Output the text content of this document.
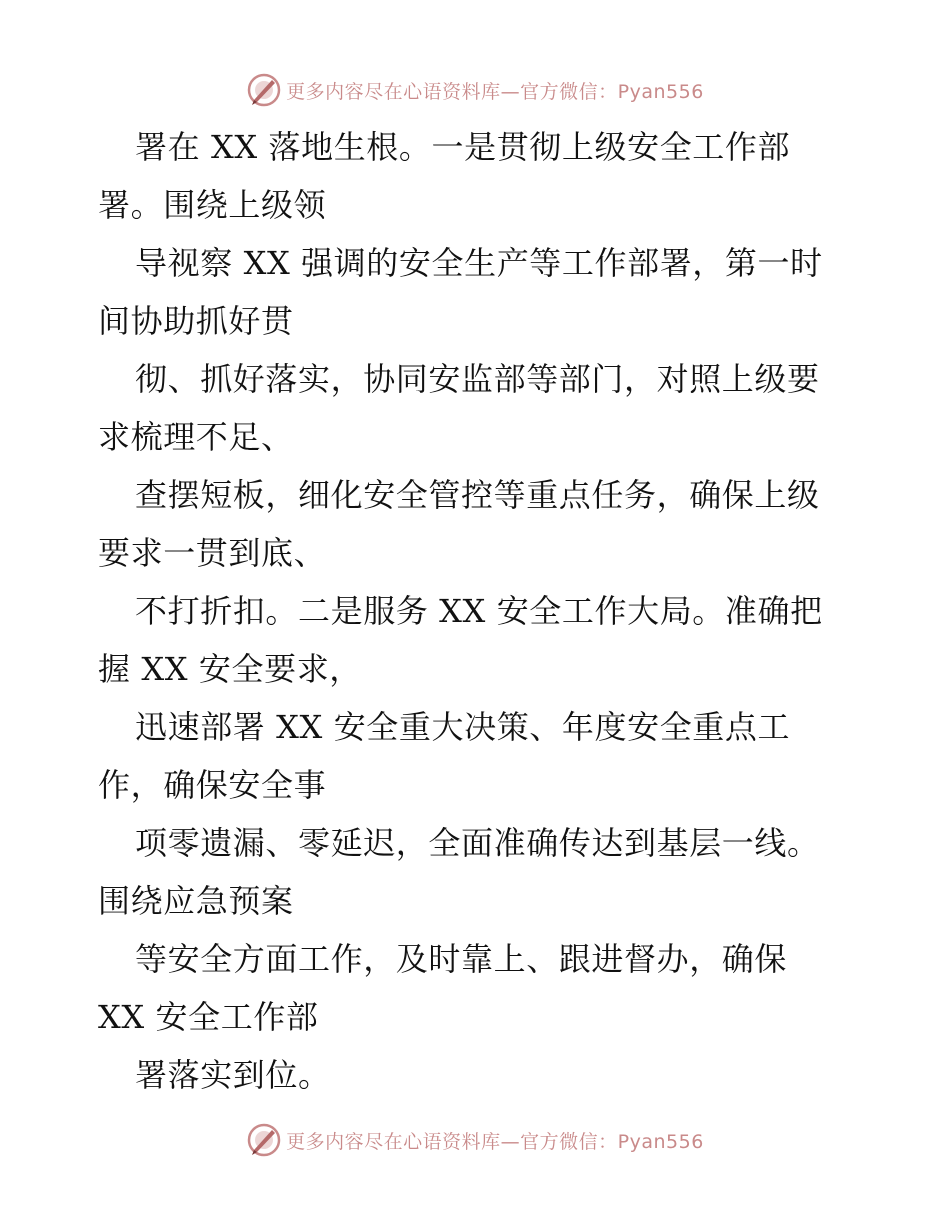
更多内容尽在心语资料库—官方微信：Pyan556

署在 XX 落地生根。一是贯彻上级安全工作部
署。围绕上级领

导视察 XX 强调的安全生产等工作部署，第一时
间协助抓好贯

彻、抓好落实，协同安监部等部门，对照上级要
求梳理不足、

查摆短板，细化安全管控等重点任务，确保上级
要求一贯到底、

不打折扣。二是服务 XX 安全工作大局。准确把
握 XX 安全要求，

迅速部署 XX 安全重大决策、年度安全重点工
作，确保安全事

项零遗漏、零延迟，全面准确传达到基层一线。
围绕应急预案

等安全方面工作，及时靠上、跟进督办，确保
XX 安全工作部

署落实到位。

更多内容尽在心语资料库—官方微信：Pyan556
